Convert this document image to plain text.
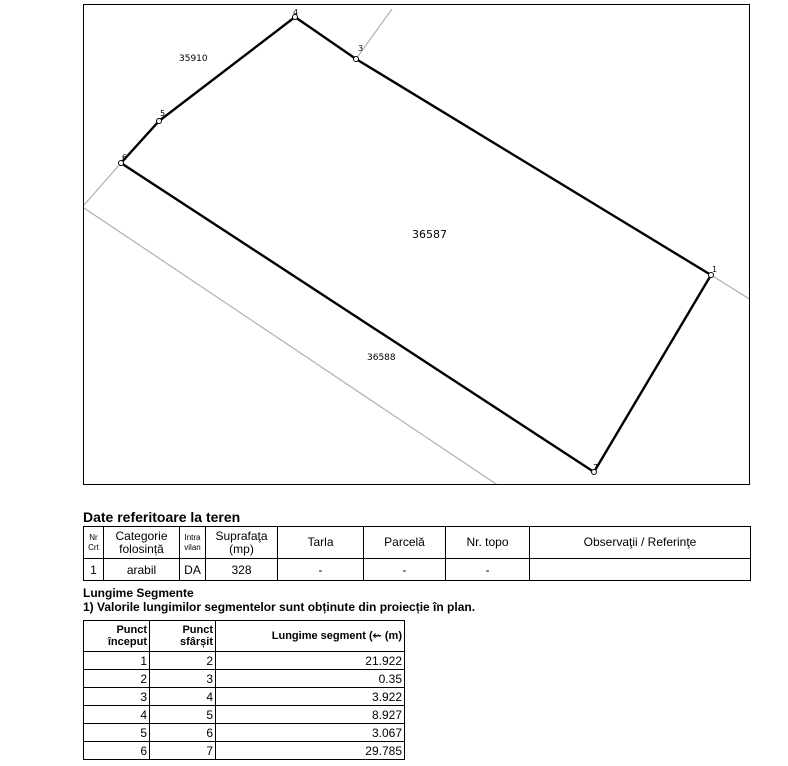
1
7
6
5
4
3
35910
36587
36588
Date referitoare la teren
Nr Crt	Categorie folosință	Intra vilan	Suprafaţa (mp)	Tarla	Parcelă	Nr. topo	Observaţii / Referinţe
1	arabil	DA	328	-	-	-	
Lungime Segmente
1) Valorile lungimilor segmentelor sunt obținute din proiecție în plan.
Punct început	Punct sfârșit	Lungime segment (⇜ (m)
1	2	21.922
2	3	0.35
3	4	3.922
4	5	8.927
5	6	3.067
6	7	29.785
